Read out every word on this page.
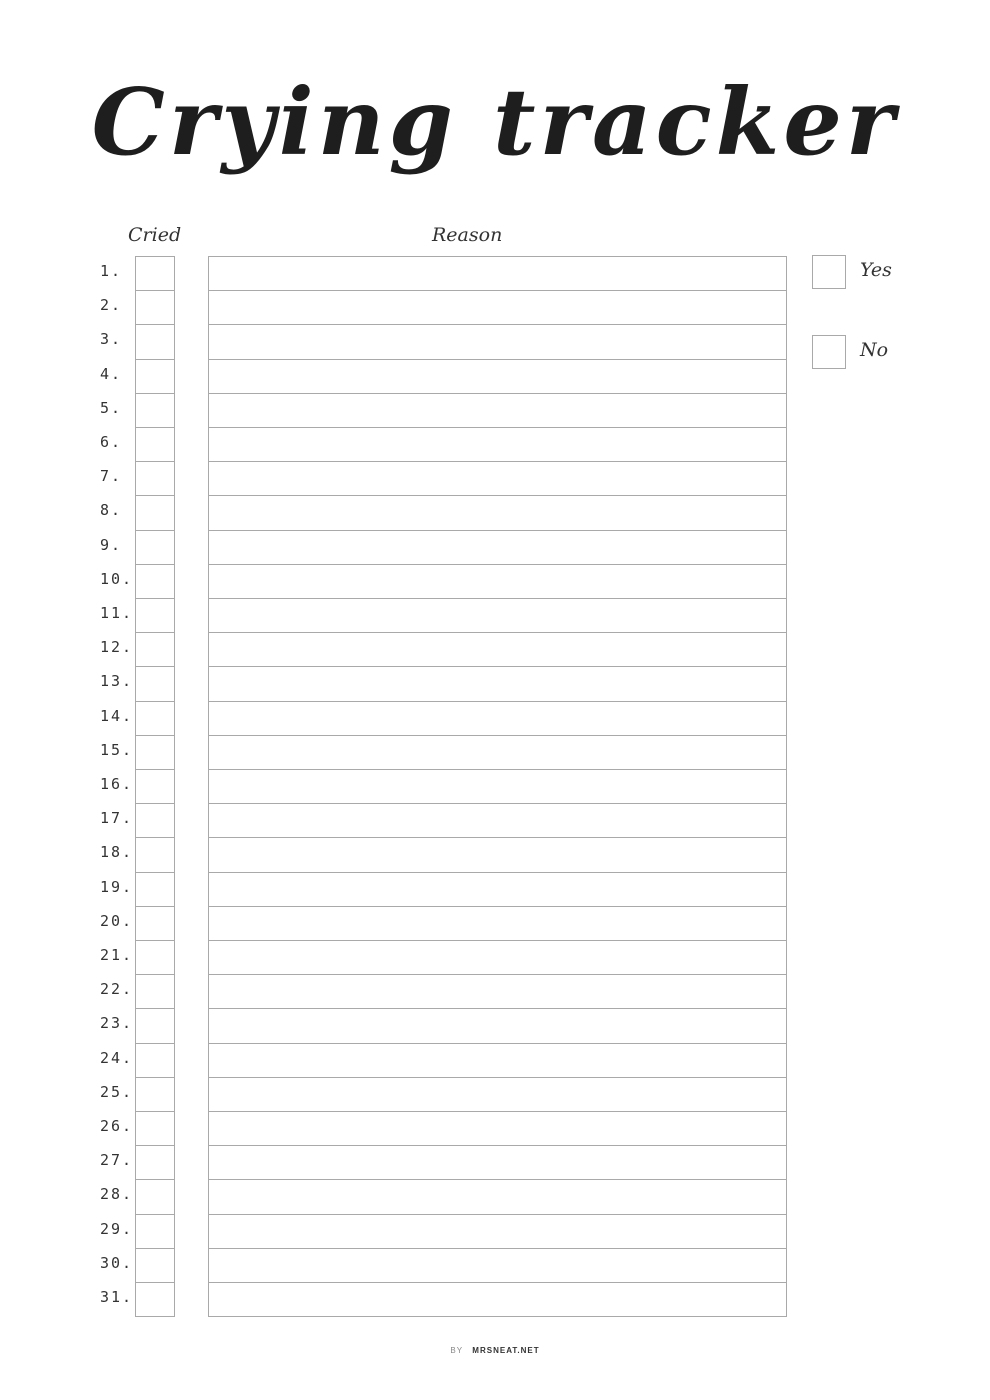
Crying tracker
Cried	Reason
1.
2.
3.
4.
5.
6.
7.
8.
9.
10.
11.
12.
13.
14.
15.
16.
17.
18.
19.
20.
21.
22.
23.
24.
25.
26.
27.
28.
29.
30.
31.
Yes
No
BY MRSNEAT.NET
